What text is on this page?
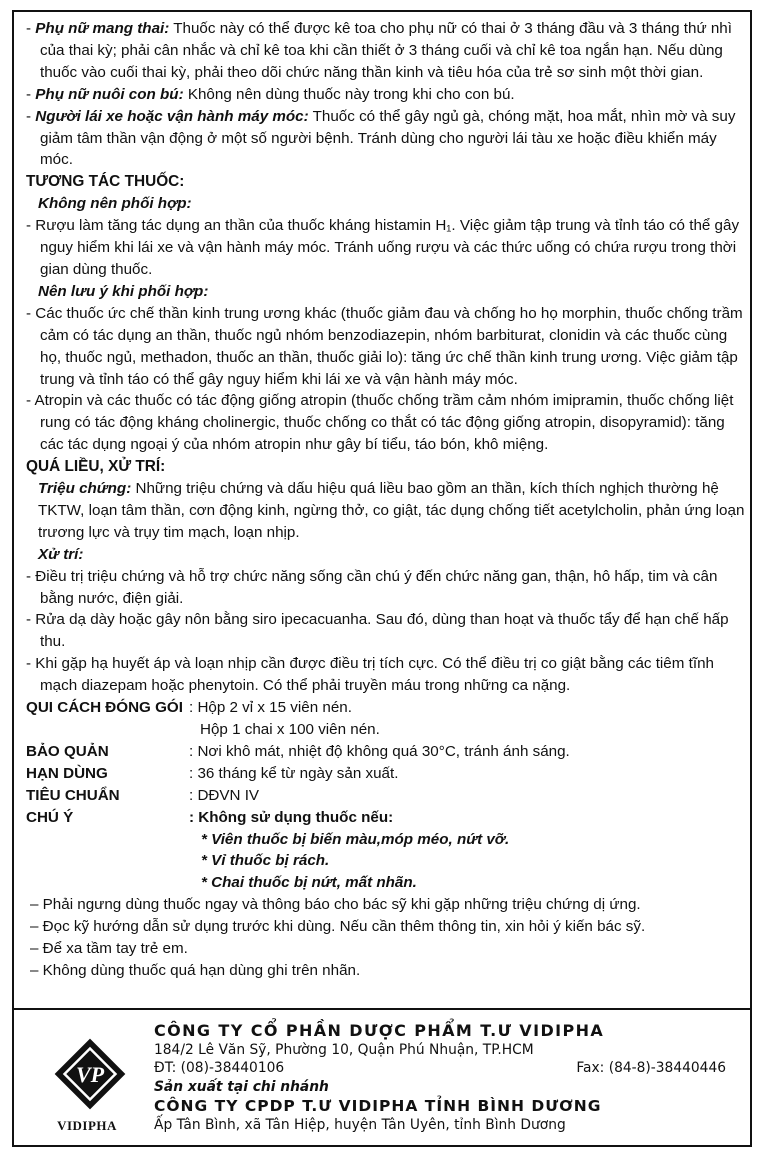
- Phụ nữ mang thai: Thuốc này có thể được kê toa cho phụ nữ có thai ở 3 tháng đầu và 3 tháng thứ nhì của thai kỳ; phải cân nhắc và chỉ kê toa khi cần thiết ở 3 tháng cuối và chỉ kê toa ngắn hạn. Nếu dùng thuốc vào cuối thai kỳ, phải theo dõi chức năng thần kinh và tiêu hóa của trẻ sơ sinh một thời gian.

- Phụ nữ nuôi con bú: Không nên dùng thuốc này trong khi cho con bú.

- Người lái xe hoặc vận hành máy móc: Thuốc có thể gây ngủ gà, chóng mặt, hoa mắt, nhìn mờ và suy giảm tâm thần vận động ở một số người bệnh. Tránh dùng cho người lái tàu xe hoặc điều khiển máy móc.

TƯƠNG TÁC THUỐC:

Không nên phối hợp:

- Rượu làm tăng tác dụng an thần của thuốc kháng histamin H₁. Việc giảm tập trung và tỉnh táo có thể gây nguy hiểm khi lái xe và vận hành máy móc. Tránh uống rượu và các thức uống có chứa rượu trong thời gian dùng thuốc.

Nên lưu ý khi phối hợp:

- Các thuốc ức chế thần kinh trung ương khác (thuốc giảm đau và chống ho họ morphin, thuốc chống trầm cảm có tác dụng an thần, thuốc ngủ nhóm benzodiazepin, nhóm barbiturat, clonidin và các thuốc cùng họ, thuốc ngủ, methadon, thuốc an thần, thuốc giải lo): tăng ức chế thần kinh trung ương. Việc giảm tập trung và tỉnh táo có thể gây nguy hiểm khi lái xe và vận hành máy móc.

- Atropin và các thuốc có tác động giống atropin (thuốc chống trầm cảm nhóm imipramin, thuốc chống liệt rung có tác động kháng cholinergic, thuốc chống co thắt có tác động giống atropin, disopyramid): tăng các tác dụng ngoại ý của nhóm atropin như gây bí tiểu, táo bón, khô miệng.

QUÁ LIỀU, XỬ TRÍ:

Triệu chứng: Những triệu chứng và dấu hiệu quá liều bao gồm an thần, kích thích nghịch thường hệ TKTW, loạn tâm thần, cơn động kinh, ngừng thở, co giật, tác dụng chống tiết acetylcholin, phản ứng loạn trương lực và trụy tim mạch, loạn nhịp.

Xử trí:

- Điều trị triệu chứng và hỗ trợ chức năng sống cần chú ý đến chức năng gan, thận, hô hấp, tim và cân bằng nước, điện giải.

- Rửa dạ dày hoặc gây nôn bằng siro ipecacuanha. Sau đó, dùng than hoạt và thuốc tẩy để hạn chế hấp thu.

- Khi gặp hạ huyết áp và loạn nhịp cần được điều trị tích cực. Có thể điều trị co giật bằng các tiêm tĩnh mạch diazepam hoặc phenytoin. Có thể phải truyền máu trong những ca nặng.

QUI CÁCH ĐÓNG GÓI : Hộp 2 vỉ x 15 viên nén.
Hộp 1 chai x 100 viên nén.
BẢO QUẢN	: Nơi khô mát, nhiệt độ không quá 30°C, tránh ánh sáng.
HẠN DÙNG	: 36 tháng kể từ ngày sản xuất.
TIÊU CHUẨN	: DĐVN IV
CHÚ Ý	: Không sử dụng thuốc nếu:

* Viên thuốc bị biến màu,móp méo, nứt vỡ.

* Vỉ thuốc bị rách.

* Chai thuốc bị nứt, mất nhãn.

– Phải ngưng dùng thuốc ngay và thông báo cho bác sỹ khi gặp những triệu chứng dị ứng.

– Đọc kỹ hướng dẫn sử dụng trước khi dùng. Nếu cần thêm thông tin, xin hỏi ý kiến bác sỹ.

– Để xa tầm tay trẻ em.

– Không dùng thuốc quá hạn dùng ghi trên nhãn.

VP
VIDIPHA
CÔNG TY CỔ PHẦN DƯỢC PHẨM T.Ư VIDIPHA
184/2 Lê Văn Sỹ, Phường 10, Quận Phú Nhuận, TP.HCM
ĐT: (08)-38440106	Fax: (84-8)-38440446
Sản xuất tại chi nhánh
CÔNG TY CPDP T.Ư VIDIPHA TỈNH BÌNH DƯƠNG
Ấp Tân Bình, xã Tân Hiệp, huyện Tân Uyên, tỉnh Bình Dương
